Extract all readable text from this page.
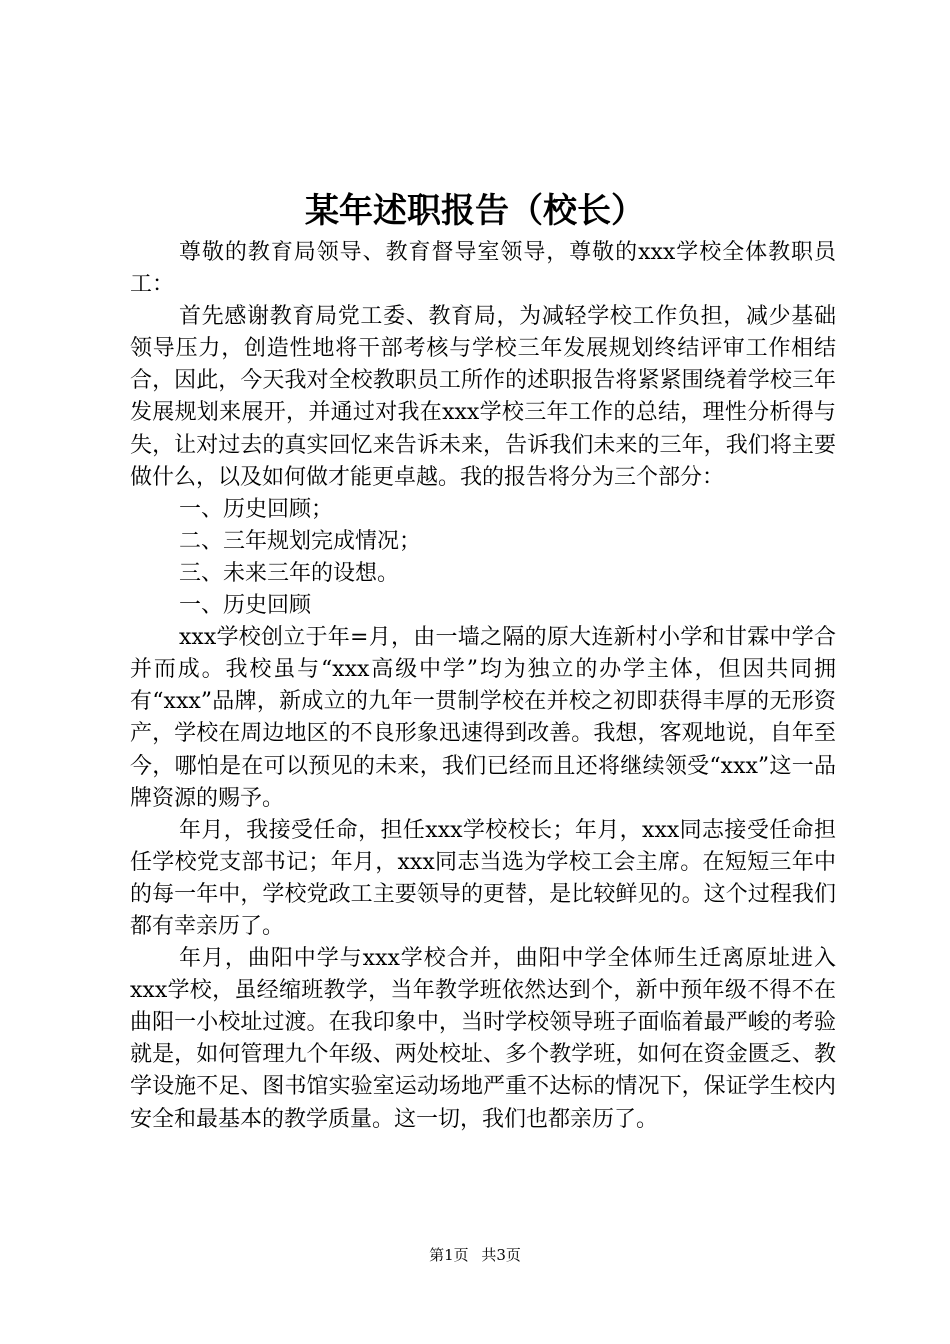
某年述职报告（校长）

尊敬的教育局领导、教育督导室领导，尊敬的xxx学校全体教职员工：

首先感谢教育局党工委、教育局，为减轻学校工作负担，减少基础领导压力，创造性地将干部考核与学校三年发展规划终结评审工作相结合，因此，今天我对全校教职员工所作的述职报告将紧紧围绕着学校三年发展规划来展开，并通过对我在xxx学校三年工作的总结，理性分析得与失，让对过去的真实回忆来告诉未来，告诉我们未来的三年，我们将主要做什么，以及如何做才能更卓越。我的报告将分为三个部分：

一、历史回顾；

二、三年规划完成情况；

三、未来三年的设想。

一、历史回顾

xxx学校创立于年=月，由一墙之隔的原大连新村小学和甘霖中学合并而成。我校虽与“xxx高级中学”均为独立的办学主体，但因共同拥有“xxx”品牌，新成立的九年一贯制学校在并校之初即获得丰厚的无形资产，学校在周边地区的不良形象迅速得到改善。我想，客观地说，自年至今，哪怕是在可以预见的未来，我们已经而且还将继续领受“xxx”这一品牌资源的赐予。

年月，我接受任命，担任xxx学校校长；年月，xxx同志接受任命担任学校党支部书记；年月，xxx同志当选为学校工会主席。在短短三年中的每一年中，学校党政工主要领导的更替，是比较鲜见的。这个过程我们都有幸亲历了。

年月，曲阳中学与xxx学校合并，曲阳中学全体师生迁离原址进入xxx学校，虽经缩班教学，当年教学班依然达到个，新中预年级不得不在曲阳一小校址过渡。在我印象中，当时学校领导班子面临着最严峻的考验就是，如何管理九个年级、两处校址、多个教学班，如何在资金匮乏、教学设施不足、图书馆实验室运动场地严重不达标的情况下，保证学生校内安全和最基本的教学质量。这一切，我们也都亲历了。

第1页 共3页
